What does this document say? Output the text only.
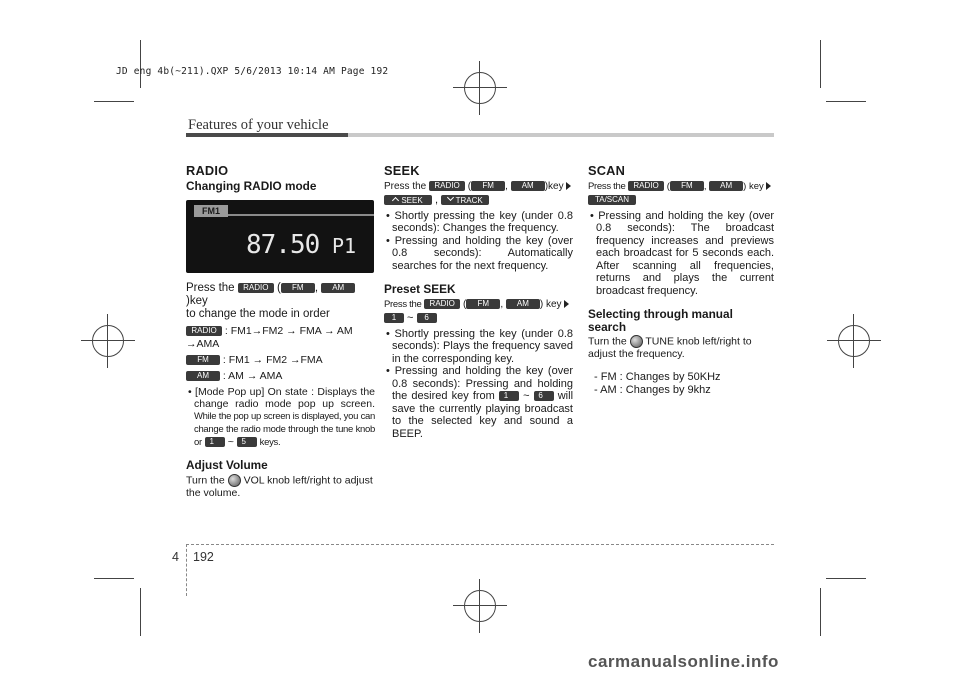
JD eng 4b(~211).QXP 5/6/2013 10:14 AM Page 192
Features of your vehicle
RADIO
Changing RADIO mode
FM1
87.50 P1

Press the RADIO ( FM , AM)key

to change the mode in order

RADIO : FM1→FM2 → FMA → AM →AMA

FM : FM1 → FM2 →FMA

AM : AM → AMA

• [Mode Pop up] On state : Displays the change radio mode pop up screen. While the pop up screen is displayed, you can change the radio mode through the tune knob or 1 ~ 5 keys.

Adjust Volume

Turn the VOL knob left/right to adjust the volume.

SEEK

Press the RADIO ( FM , AM )key

SEEK , TRACK

• Shortly pressing the key (under 0.8 seconds): Changes the frequency.

• Pressing and holding the key (over 0.8 seconds): Automatically searches for the next frequency.

Preset SEEK

Press the RADIO ( FM , AM ) key

1 ~ 6

• Shortly pressing the key (under 0.8 seconds): Plays the frequency saved in the corresponding key.

• Pressing and holding the key (over 0.8 seconds): Pressing and holding the desired key from 1 ~ 6 will save the currently playing broadcast to the selected key and sound a BEEP.

SCAN

Press the RADIO ( FM , AM ) key

TA/SCAN

• Pressing and holding the key (over 0.8 seconds): The broadcast frequency increases and previews each broadcast for 5 seconds each. After scanning all frequencies, returns and plays the current broadcast frequency.

Selecting through manual search

Turn the TUNE knob left/right to adjust the frequency.

- FM : Changes by 50KHz

- AM : Changes by 9khz

4 192
carmanualsonline.info
